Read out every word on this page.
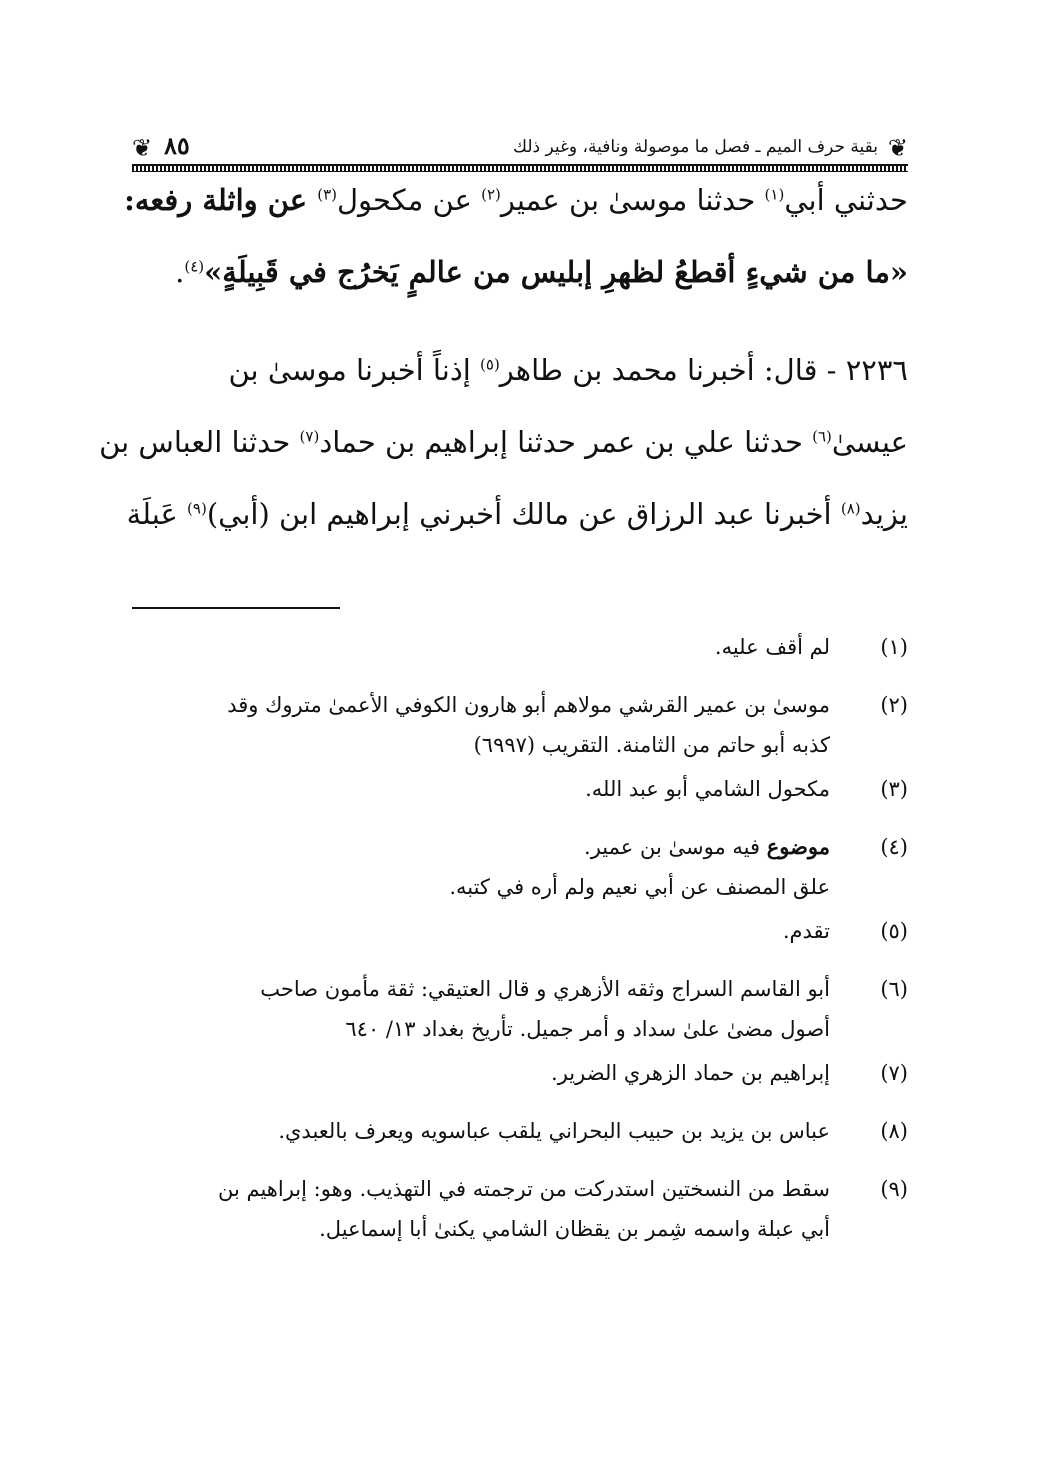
❦
بقية حرف الميم ـ فصل ما موصولة ونافية، وغير ذلك
٨٥
❦
حدثني أبي$^{(١)}$ حدثنا موسىٰ بن عمير$^{(٢)}$ عن مكحول$^{(٣)}$ عن واثلة رفعه:
«ما من شيءٍ أقطعُ لظهرِ إبليس من عالمٍ يَخرُج في قَبِيلَةٍ»$^{(٤)}$.
٢٢٣٦ - قال: أخبرنا محمد بن طاهر$^{(٥)}$ إذناً أخبرنا موسىٰ بن
عيسىٰ$^{(٦)}$ حدثنا علي بن عمر حدثنا إبراهيم بن حماد$^{(٧)}$ حدثنا العباس بن
يزيد$^{(٨)}$ أخبرنا عبد الرزاق عن مالك أخبرني إبراهيم ابن (أبي)$^{(٩)}$ عَبلَة
(١)
لم أقف عليه.
(٢)
موسىٰ بن عمير القرشي مولاهم أبو هارون الكوفي الأعمىٰ متروك وقد
كذبه أبو حاتم من الثامنة. التقريب (٦٩٩٧)
(٣)
مكحول الشامي أبو عبد الله.
(٤)
موضوع فيه موسىٰ بن عمير.
علق المصنف عن أبي نعيم ولم أره في كتبه.
(٥)
تقدم.
(٦)
أبو القاسم السراج وثقه الأزهري و قال العتيقي: ثقة مأمون صاحب
أصول مضىٰ علىٰ سداد و أمر جميل. تأريخ بغداد ١٣/ ٦٤٠
(٧)
إبراهيم بن حماد الزهري الضرير.
(٨)
عباس بن يزيد بن حبيب البحراني يلقب عباسويه ويعرف بالعبدي.
(٩)
سقط من النسختين استدركت من ترجمته في التهذيب. وهو: إبراهيم بن
أبي عبلة واسمه شِمر بن يقظان الشامي يكنىٰ أبا إسماعيل.
